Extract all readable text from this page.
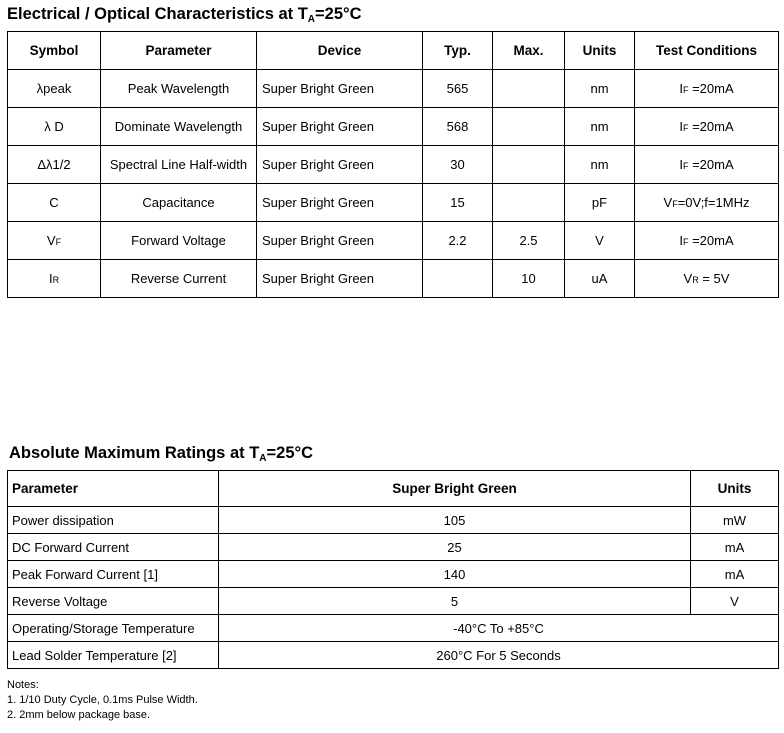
Electrical / Optical Characteristics at $T_A=25^\circ C$
Symbol	Parameter	Device	Typ.	Max.	Units	Test Conditions
λpeak	Peak Wavelength	Super Bright Green	565		nm	IF =20mA
λ D	Dominate Wavelength	Super Bright Green	568		nm	IF =20mA
Δλ1/2	Spectral Line Half-width	Super Bright Green	30		nm	IF =20mA
C	Capacitance	Super Bright Green	15		pF	VF=0V;f=1MHz
VF	Forward Voltage	Super Bright Green	2.2	2.5	V	IF =20mA
IR	Reverse Current	Super Bright Green		10	uA	VR = 5V
Absolute Maximum Ratings at $T_A=25^\circ C$
Parameter	Super Bright Green	Units
Power dissipation	105	mW
DC Forward Current	25	mA
Peak Forward Current [1]	140	mA
Reverse Voltage	5	V
Operating/Storage Temperature	-40°C To +85°C	
Lead Solder Temperature [2]	260°C For 5 Seconds	
Notes:
1. 1/10 Duty Cycle, 0.1ms Pulse Width.
2. 2mm below package base.
